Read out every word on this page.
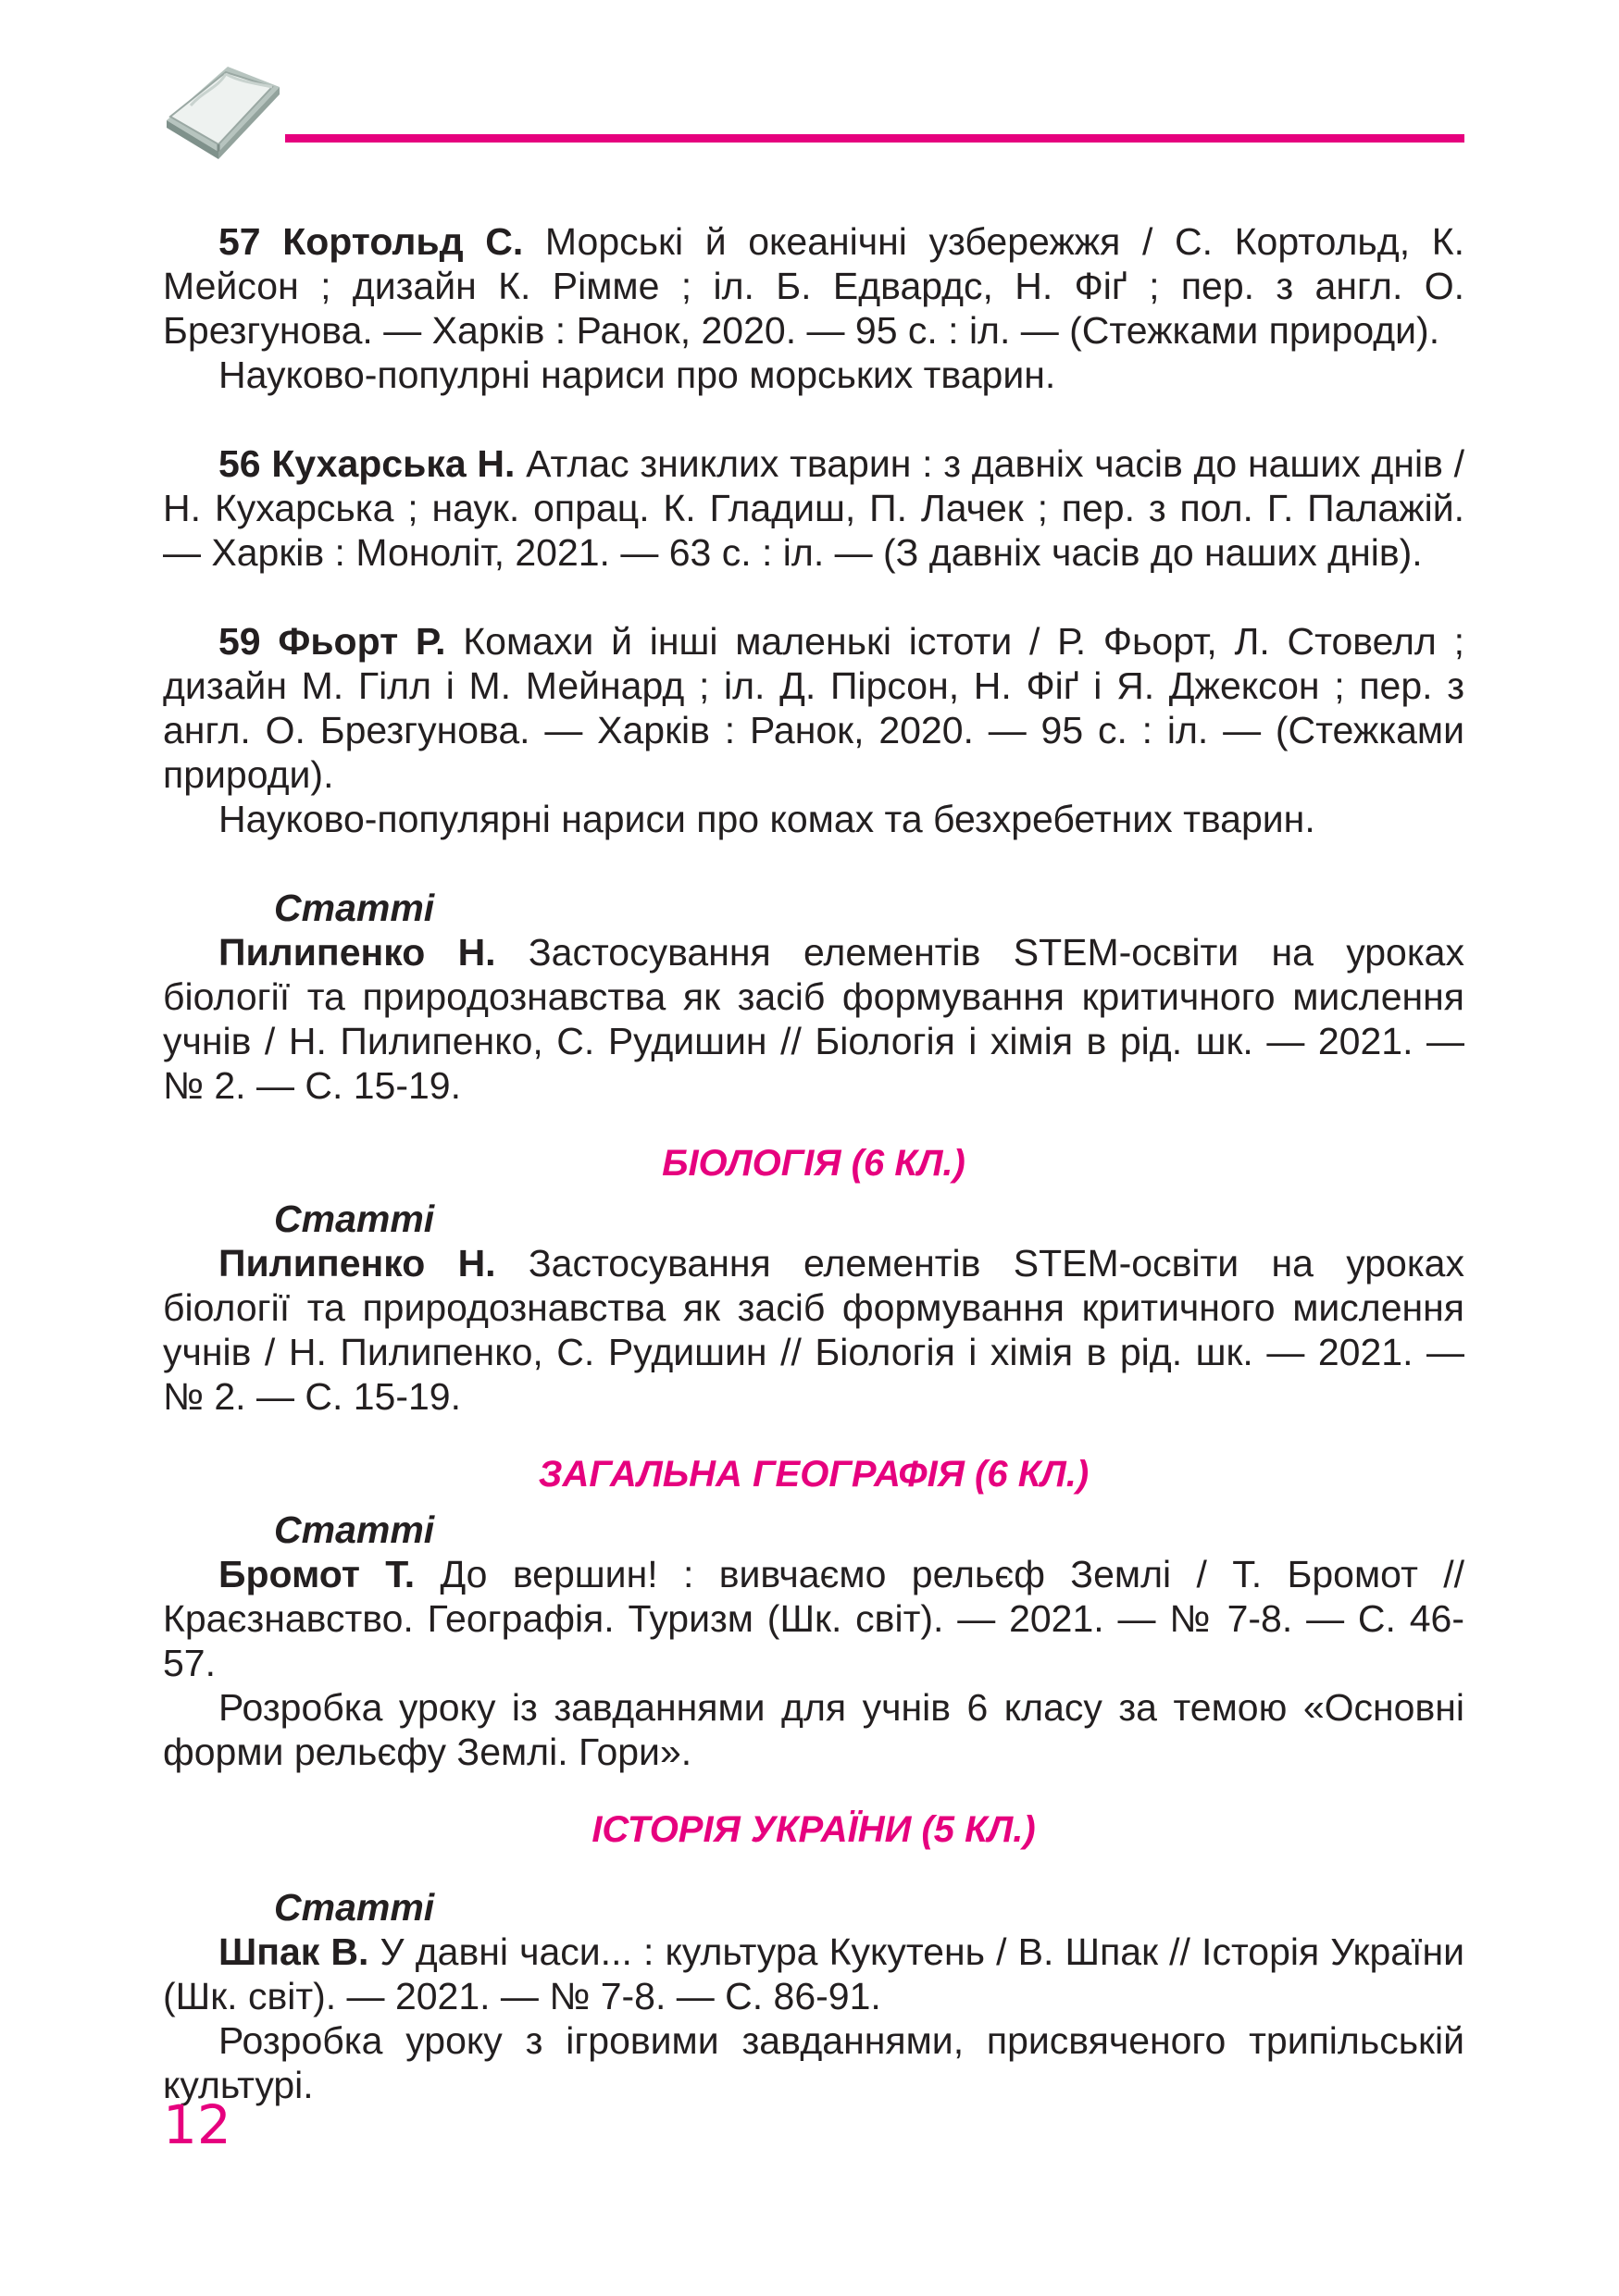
57 Кортольд С. Морські й океанічні узбережжя / С. Кортольд, К. Мейсон ; дизайн К. Рімме ; іл. Б. Едвардс, Н. Фіґ ; пер. з англ. О. Брезгунова. — Харків : Ранок, 2020. — 95 с. : іл. — (Стежками природи).

Науково-популрні нариси про морських тварин.

56 Кухарська Н. Атлас зниклих тварин : з давніх часів до наших днів / Н. Кухарська ; наук. опрац. К. Гладиш, П. Лачек ; пер. з пол. Г. Палажій. — Харків : Моноліт, 2021. — 63 с. : іл. — (З давніх часів до наших днів).

59 Фьорт Р. Комахи й інші маленькі істоти / Р. Фьорт, Л. Стовелл ; дизайн М. Гілл і М. Мейнард ; іл. Д. Пірсон, Н. Фіґ і Я. Джексон ; пер. з англ. О. Брезгунова. — Харків : Ранок, 2020. — 95 с. : іл. — (Стежками природи).

Науково-популярні нариси про комах та безхребетних тварин.

Статті

Пилипенко Н. Застосування елементів STEM-освіти на уроках біології та природознавства як засіб формування критичного мислення учнів / Н. Пилипенко, С. Рудишин // Біологія і хімія в рід. шк. — 2021. — № 2. — С. 15-19.

БІОЛОГІЯ (6 КЛ.)

Статті

Пилипенко Н. Застосування елементів STEM-освіти на уроках біології та природознавства як засіб формування критичного мислення учнів / Н. Пилипенко, С. Рудишин // Біологія і хімія в рід. шк. — 2021. — № 2. — С. 15-19.

ЗАГАЛЬНА ГЕОГРАФІЯ (6 КЛ.)

Статті

Бромот Т. До вершин! : вивчаємо рельєф Землі / Т. Бромот // Краєзнавство. Географія. Туризм (Шк. світ). — 2021. — № 7-8. — С. 46-57.

Розробка уроку із завданнями для учнів 6 класу за темою «Основні форми рельєфу Землі. Гори».

ІСТОРІЯ УКРАЇНИ (5 КЛ.)

Статті

Шпак В. У давні часи... : культура Кукутень / В. Шпак // Історія України (Шк. світ). — 2021. — № 7-8. — С. 86-91.

Розробка уроку з ігровими завданнями, присвяченого трипільській культурі.

12
